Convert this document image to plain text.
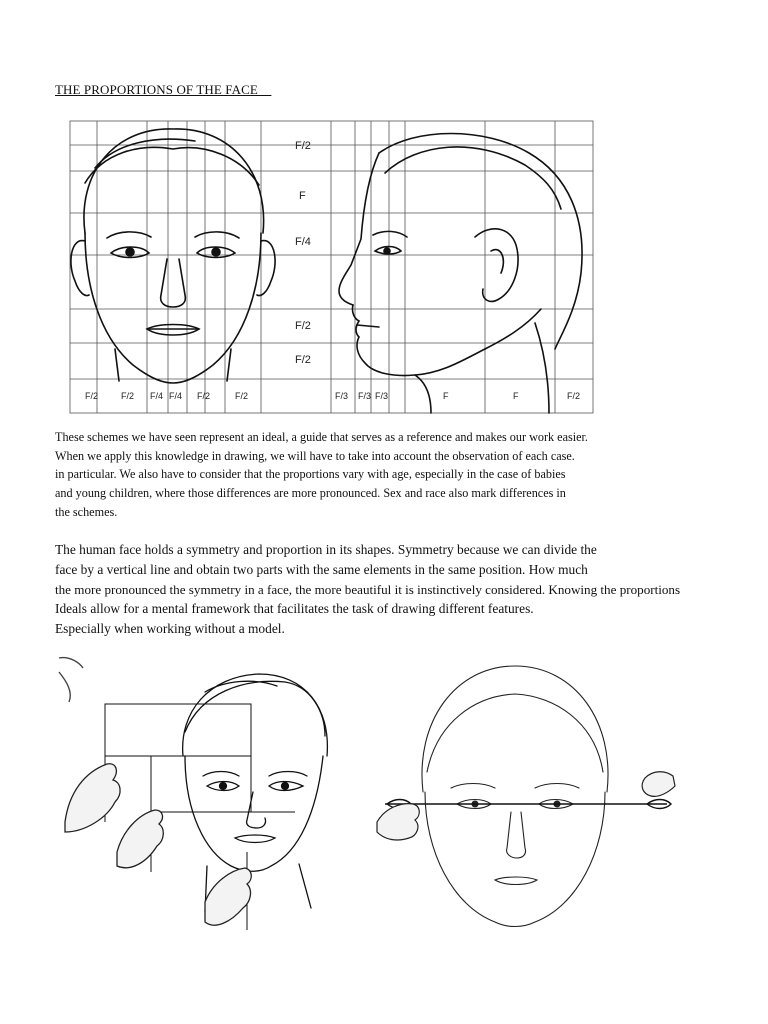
THE PROPORTIONS OF THE FACE
F/2
F
F/4
F/2
F/2
F/2	F/2 F/4 F/4 F/2	F/2	F/3 F/3 F/3	F	F	F/2
These schemes we have seen represent an ideal, a guide that serves as a reference and makes our work easier.
When we apply this knowledge in drawing, we will have to take into account the observation of each case.
in particular. We also have to consider that the proportions vary with age, especially in the case of babies
and young children, where those differences are more pronounced. Sex and race also mark differences in
the schemes.
The human face holds a symmetry and proportion in its shapes. Symmetry because we can divide the
face by a vertical line and obtain two parts with the same elements in the same position. How much
the more pronounced the symmetry in a face, the more beautiful it is instinctively considered. Knowing the proportions
Ideals allow for a mental framework that facilitates the task of drawing different features.
Especially when working without a model.
